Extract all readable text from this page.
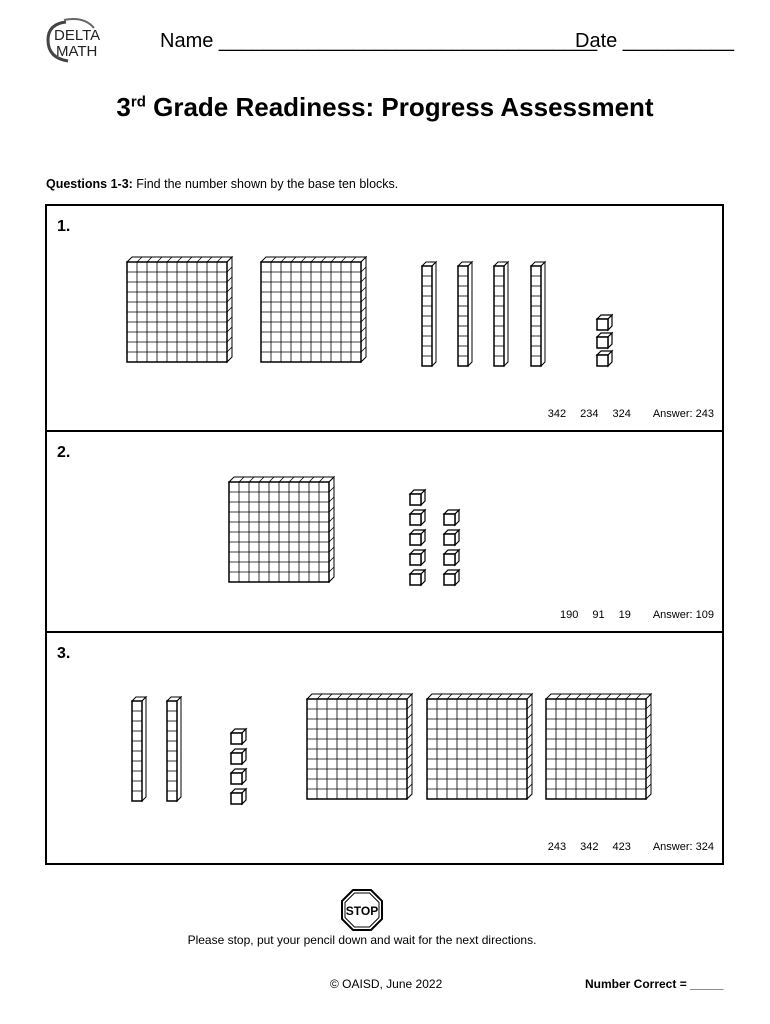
DELTA
MATH	Name __________________________________
Date __________
3rd Grade Readiness: Progress Assessment
Questions 1-3: Find the number shown by the base ten blocks.
1.
342 234 324 Answer: 243
2.
190 91 19 Answer: 109
3.
243 342 423 Answer: 324
STOP
Please stop, put your pencil down and wait for the next directions.
© OAISD, June 2022	Number Correct = _____
